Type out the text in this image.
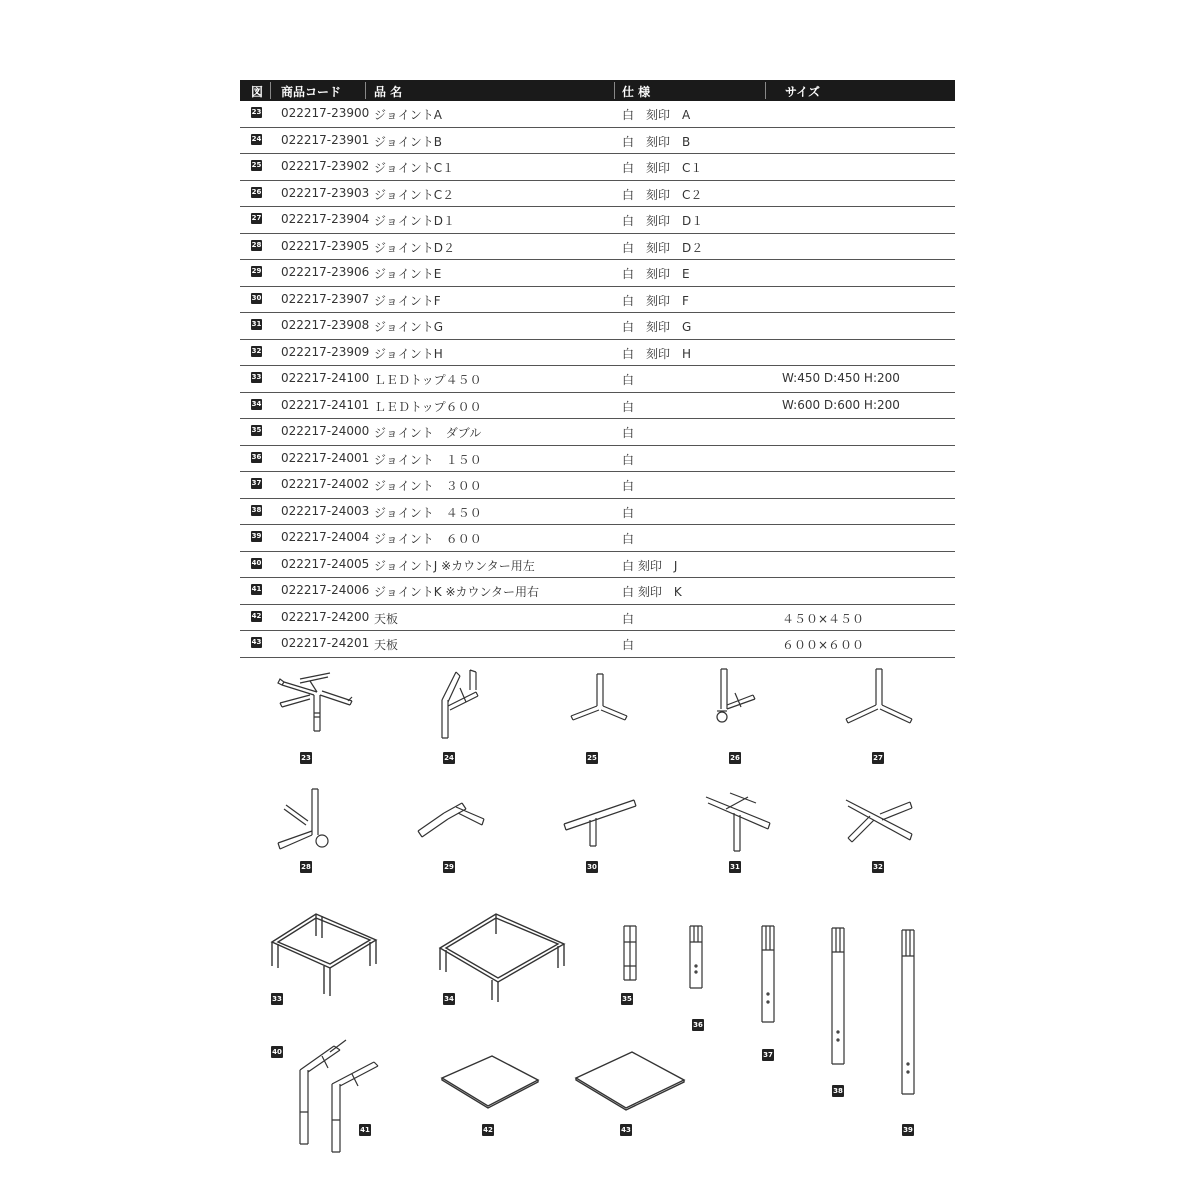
図 商品コード	品 名	仕 様	サイズ
23 022217-23900 ジョイントA	白　刻印　A
24 022217-23901 ジョイントB	白　刻印　B
25 022217-23902 ジョイントC１	白　刻印　C１
26 022217-23903 ジョイントC２	白　刻印　C２
27 022217-23904 ジョイントD１	白　刻印　D１
28 022217-23905 ジョイントD２	白　刻印　D２
29 022217-23906 ジョイントE	白　刻印　E
30 022217-23907 ジョイントF	白　刻印　F
31 022217-23908 ジョイントG	白　刻印　G
32 022217-23909 ジョイントH	白　刻印　H
33 022217-24100 ＬＥＤトップ４５０	白	W:450 D:450 H:200
34 022217-24101 ＬＥＤトップ６００	白	W:600 D:600 H:200
35 022217-24000 ジョイント　ダブル	白
36 022217-24001 ジョイント　１５０	白
37 022217-24002 ジョイント　３００	白
38 022217-24003 ジョイント　４５０	白
39 022217-24004 ジョイント　６００	白
40 022217-24005 ジョイントJ ※カウンター用左	白 刻印　J
41 022217-24006 ジョイントK ※カウンター用右	白 刻印　K
42 022217-24200 天板	白	４５０×４５０
43 022217-24201 天板	白	６００×６００
23	24	25	26	27
28	29	30	31	32
33	34	35
36
37
38
39
40
41	42	43
